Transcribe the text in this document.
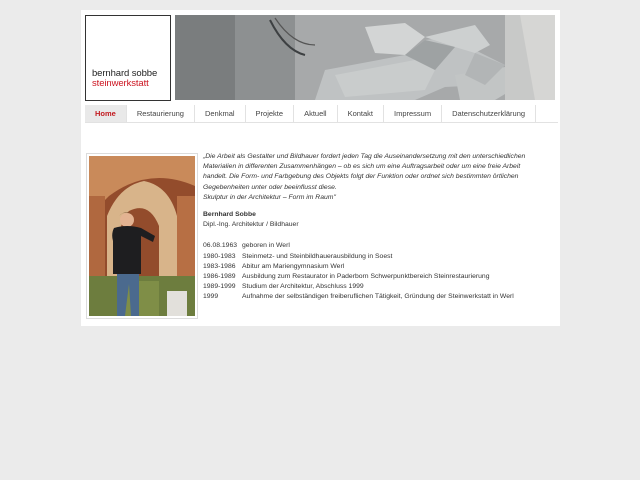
bernhard sobbe
steinwerkstatt
Home	Restaurierung	Denkmal	Projekte	Aktuell	Kontakt	Impressum	Datenschutzerklärung

„Die Arbeit als Gestalter und Bildhauer fordert jeden Tag die Auseinandersetzung mit den unterschiedlichen
Materialien in differenten Zusammenhängen – ob es sich um eine Auftragsarbeit oder um eine freie Arbeit
handelt. Die Form- und Farbgebung des Objekts folgt der Funktion oder ordnet sich bestimmten örtlichen
Gegebenheiten unter oder beeinflusst diese.
Skulptur in der Architektur – Form im Raum"

Bernhard Sobbe
Dipl.-Ing. Architektur / Bildhauer
06.08.1963 geboren in Werl
1980-1983 Steinmetz- und Steinbildhauerausbildung in Soest
1983-1986 Abitur am Mariengymnasium Werl
1986-1989 Ausbildung zum Restaurator in Paderborn Schwerpunktbereich Steinrestaurierung
1989-1999 Studium der Architektur, Abschluss 1999
1999	Aufnahme der selbständigen freiberuflichen Tätigkeit, Gründung der Steinwerkstatt in Werl
